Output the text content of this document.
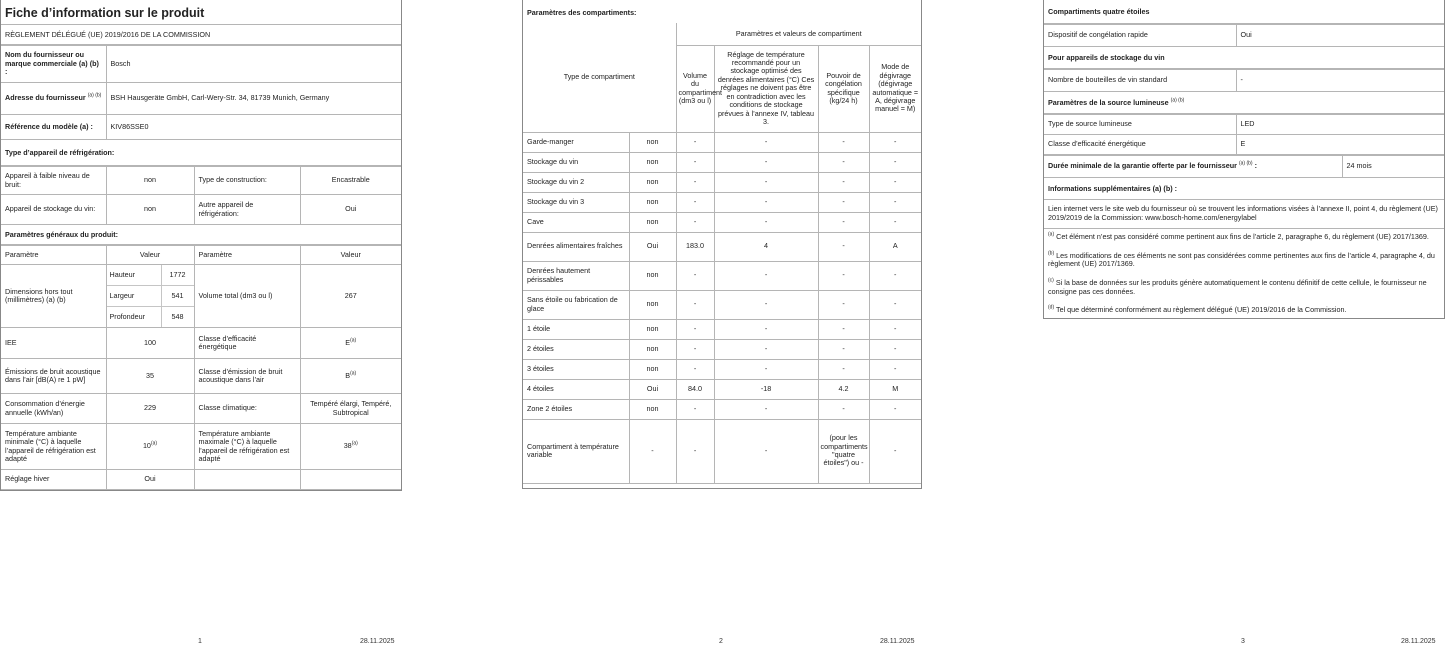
Fiche d’information sur le produit
RÈGLEMENT DÉLÉGUÉ (UE) 2019/2016 DE LA COMMISSION
Nom du fournisseur ou marque commerciale (a) (b) :	Bosch
Adresse du fournisseur $^{(a) (b)}$	BSH Hausgeräte GmbH, Carl-Wery-Str. 34, 81739 Munich, Germany
Référence du modèle (a) :	KIV86SSE0
Type d’appareil de réfrigération:
Appareil à faible niveau de bruit:	non	Type de construction:	Encastrable
Appareil de stockage du vin:	non	Autre appareil de réfrigération:	Oui
Paramètres généraux du produit:
Paramètre	Valeur	Paramètre	Valeur
Dimensions hors tout (millimètres) (a) (b)	
Hauteur	1772
Largeur	541
Profondeur	548
	Volume total (dm3 ou l)	267
IEE	100	Classe d’efficacité énergétique	$E^{(a)}$
Émissions de bruit acoustique dans l’air [dB(A) re 1 pW]	35	Classe d’émission de bruit acoustique dans l’air	$B^{(a)}$
Consommation d’énergie annuelle (kWh/an)	229	Classe climatique:	Tempéré élargi, Tempéré, Subtropical
Température ambiante minimale (°C) à laquelle l’appareil de réfrigération est adapté	10$^{(a)}$	Température ambiante maximale (°C) à laquelle l’appareil de réfrigération est adapté	38$^{(a)}$
Réglage hiver	Oui		
1	28.11.2025
Paramètres des compartiments:
Type de compartiment		Paramètres et valeurs de compartiment			
		Volume du compartiment (dm3 ou l)	Réglage de température recommandé pour un stockage optimisé des denrées alimentaires (°C) Ces réglages ne doivent pas être en contradiction avec les conditions de stockage prévues à l’annexe IV, tableau 3.	Pouvoir de congélation spécifique (kg/24 h)	Mode de dégivrage (dégivrage automatique = A, dégivrage manuel = M)
Garde-manger	non	-	-	-	-
Stockage du vin	non	-	-	-	-
Stockage du vin 2	non	-	-	-	-
Stockage du vin 3	non	-	-	-	-
Cave	non	-	-	-	-
Denrées alimentaires fraîches	Oui	183.0	4	-	A
Denrées hautement périssables	non	-	-	-	-
Sans étoile ou fabrication de glace	non	-	-	-	-
1 étoile	non	-	-	-	-
2 étoiles	non	-	-	-	-
3 étoiles	non	-	-	-	-
4 étoiles	Oui	84.0	-18	4.2	M
Zone 2 étoiles	non	-	-	-	-
Compartiment à température variable	-	-	-	(pour les compartiments "quatre étoiles") ou -	-
2	28.11.2025
Compartiments quatre étoiles
Dispositif de congélation rapide	Oui
Pour appareils de stockage du vin
Nombre de bouteilles de vin standard	-
Paramètres de la source lumineuse $^{(a) (b)}$
Type de source lumineuse	LED
Classe d’efficacité énergétique	E
Durée minimale de la garantie offerte par le fournisseur $^{(a) (b)}$ :	24 mois
Informations supplémentaires (a) (b) :
Lien internet vers le site web du fournisseur où se trouvent les informations visées à l’annexe II, point 4, du règlement (UE) 2019/2019 de la Commission: www.bosch-home.com/energylabel
$^{(a)}$ Cet élément n’est pas considéré comme pertinent aux fins de l’article 2, paragraphe 6, du règlement (UE) 2017/1369.
$^{(b)}$ Les modifications de ces éléments ne sont pas considérées comme pertinentes aux fins de l’article 4, paragraphe 4, du règlement (UE) 2017/1369.
$^{(c)}$ Si la base de données sur les produits génère automatiquement le contenu définitif de cette cellule, le fournisseur ne consigne pas ces données.
$^{(d)}$ Tel que déterminé conformément au règlement délégué (UE) 2019/2016 de la Commission.
3	28.11.2025
